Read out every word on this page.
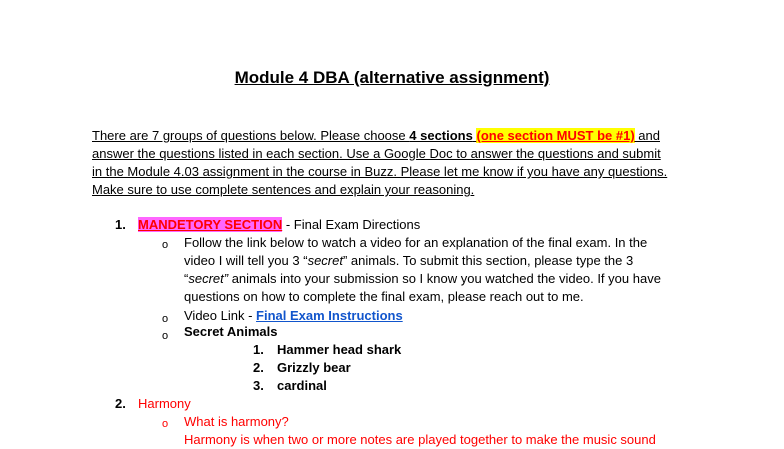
Module 4 DBA (alternative assignment)
There are 7 groups of questions below. Please choose 4 sections (one section MUST be #1) and
answer the questions listed in each section. Use a Google Doc to answer the questions and submit
in the Module 4.03 assignment in the course in Buzz. Please let me know if you have any questions.
Make sure to use complete sentences and explain your reasoning.
1. MANDETORY SECTION - Final Exam Directions
o Follow the link below to watch a video for an explanation of the final exam. In the
video I will tell you 3 “secret” animals. To submit this section, please type the 3
“secret” animals into your submission so I know you watched the video. If you have
questions on how to complete the final exam, please reach out to me.
o Video Link - Final Exam Instructions
o Secret Animals
1. Hammer head shark
2. Grizzly bear
3. cardinal
2. Harmony
o What is harmony?
Harmony is when two or more notes are played together to make the music sound
